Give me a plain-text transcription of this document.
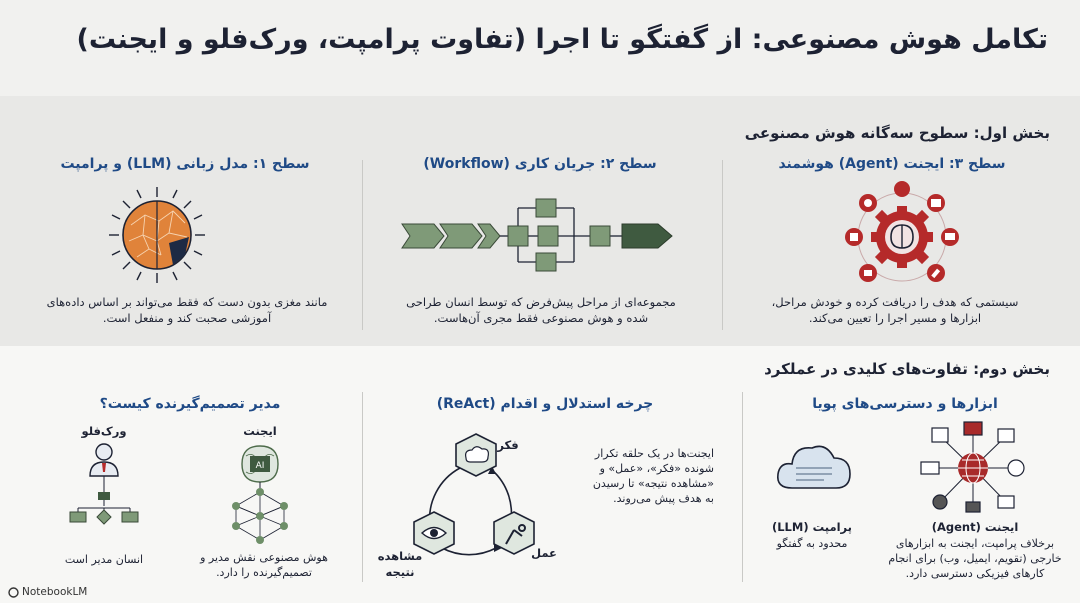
تکامل هوش مصنوعی: از گفتگو تا اجرا (تفاوت پرامپت، ورک‌فلو و ایجنت)
بخش اول: سطوح سه‌گانه هوش مصنوعی
سطح ۳: ایجنت (Agent) هوشمند
سیستمی که هدف را دریافت کرده و خودش مراحل، ابزارها و مسیر اجرا را تعیین می‌کند.
سطح ۲: جریان کاری (Workflow)
مجموعه‌ای از مراحل پیش‌فرض که توسط انسان طراحی شده و هوش مصنوعی فقط مجری آن‌هاست.
سطح ۱: مدل زبانی (LLM) و پرامپت
مانند مغزی بدون دست که فقط می‌تواند بر اساس داده‌های آموزشی صحبت کند و منفعل است.
بخش دوم: تفاوت‌های کلیدی در عملکرد
ابزارها و دسترسی‌های پویا
ایجنت (Agent)
برخلاف پرامپت، ایجنت به ابزارهای خارجی (تقویم، ایمیل، وب) برای انجام کارهای فیزیکی دسترسی دارد.
پرامپت (LLM)
محدود به گفتگو
چرخه استدلال و اقدام (ReAct)
فکر
عمل
مشاهده نتیجه
ایجنت‌ها در یک حلقه تکرار شونده «فکر»، «عمل» و «مشاهده نتیجه» تا رسیدن به هدف پیش می‌روند.
مدیر تصمیم‌گیرنده کیست؟
ایجنت
AI
هوش مصنوعی نقش مدیر و تصمیم‌گیرنده را دارد.
ورک‌فلو
انسان مدیر است
NotebookLM
